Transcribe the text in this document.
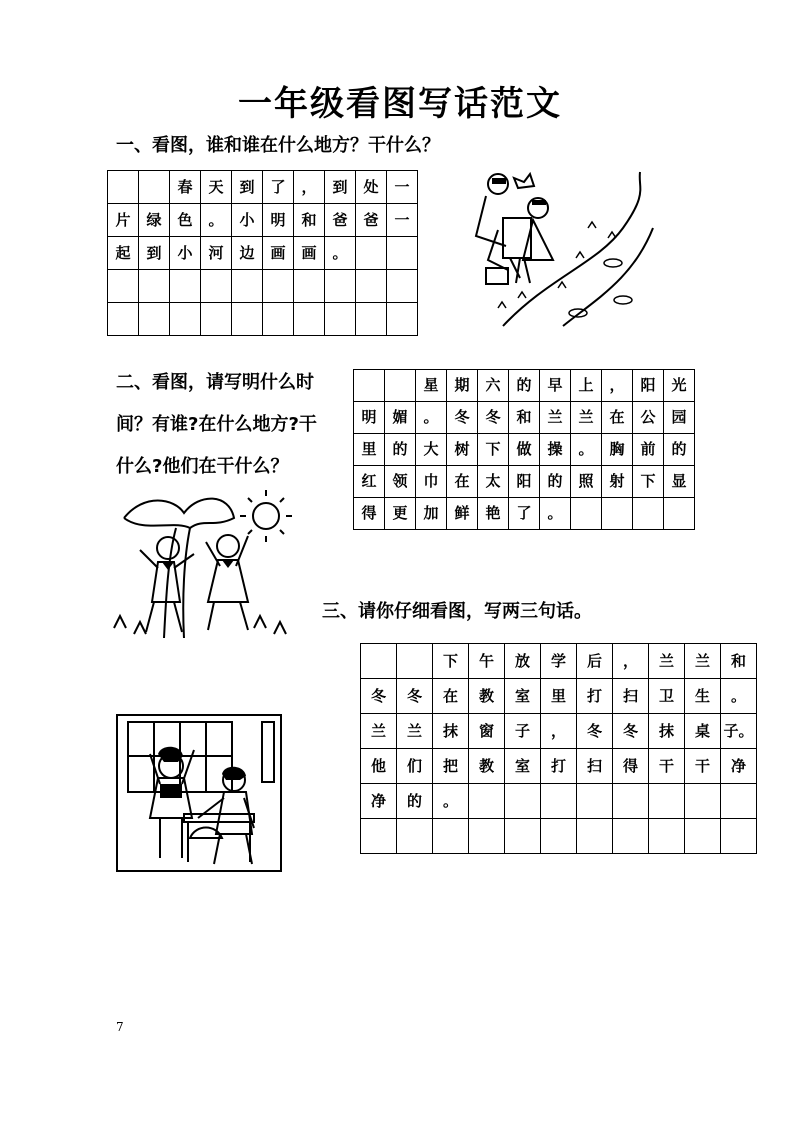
一年级看图写话范文
一、看图，谁和谁在什么地方？干什么？
		春	天	到	了	，	到	处	一
片	绿	色	。	小	明	和	爸	爸	一
起	到	小	河	边	画	画	。		

二、看图，请写明什么时
间？有谁?在什么地方?干
什么?他们在干什么？
		星	期	六	的	早	上	，	阳	光
明	媚	。	冬	冬	和	兰	兰	在	公	园
里	的	大	树	下	做	操	。	胸	前	的
红	领	巾	在	太	阳	的	照	射	下	显
得	更	加	鲜	艳	了	。				
三、请你仔细看图，写两三句话。
		下	午	放	学	后	，	兰	兰	和
冬	冬	在	教	室	里	打	扫	卫	生	。
兰	兰	抹	窗	子	，	冬	冬	抹	桌	子。
他	们	把	教	室	打	扫	得	干	干	净
净	的	。								

7
